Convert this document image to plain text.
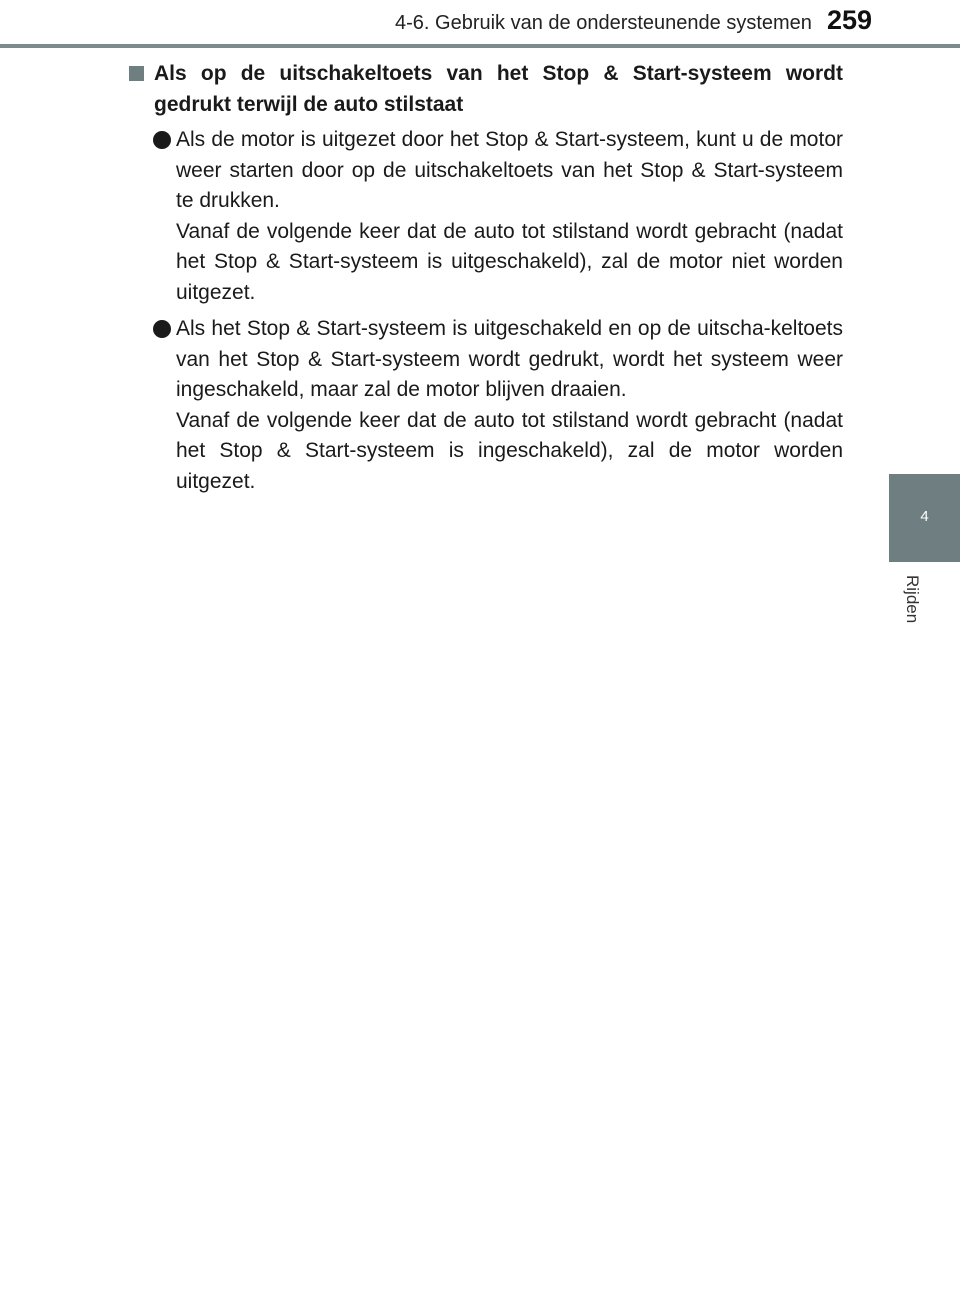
4-6. Gebruik van de ondersteunende systemen 259
4
Rijden
Als op de uitschakeltoets van het Stop & Start-systeem wordt gedrukt terwijl de auto stilstaat

Als de motor is uitgezet door het Stop & Start-systeem, kunt u de motor weer starten door op de uitschakeltoets van het Stop & Start-systeem te drukken.

Vanaf de volgende keer dat de auto tot stilstand wordt gebracht (nadat het Stop & Start-systeem is uitgeschakeld), zal de motor niet worden uitgezet.

Als het Stop & Start-systeem is uitgeschakeld en op de uitscha-keltoets van het Stop & Start-systeem wordt gedrukt, wordt het systeem weer ingeschakeld, maar zal de motor blijven draaien.

Vanaf de volgende keer dat de auto tot stilstand wordt gebracht (nadat het Stop & Start-systeem is ingeschakeld), zal de motor worden uitgezet.
